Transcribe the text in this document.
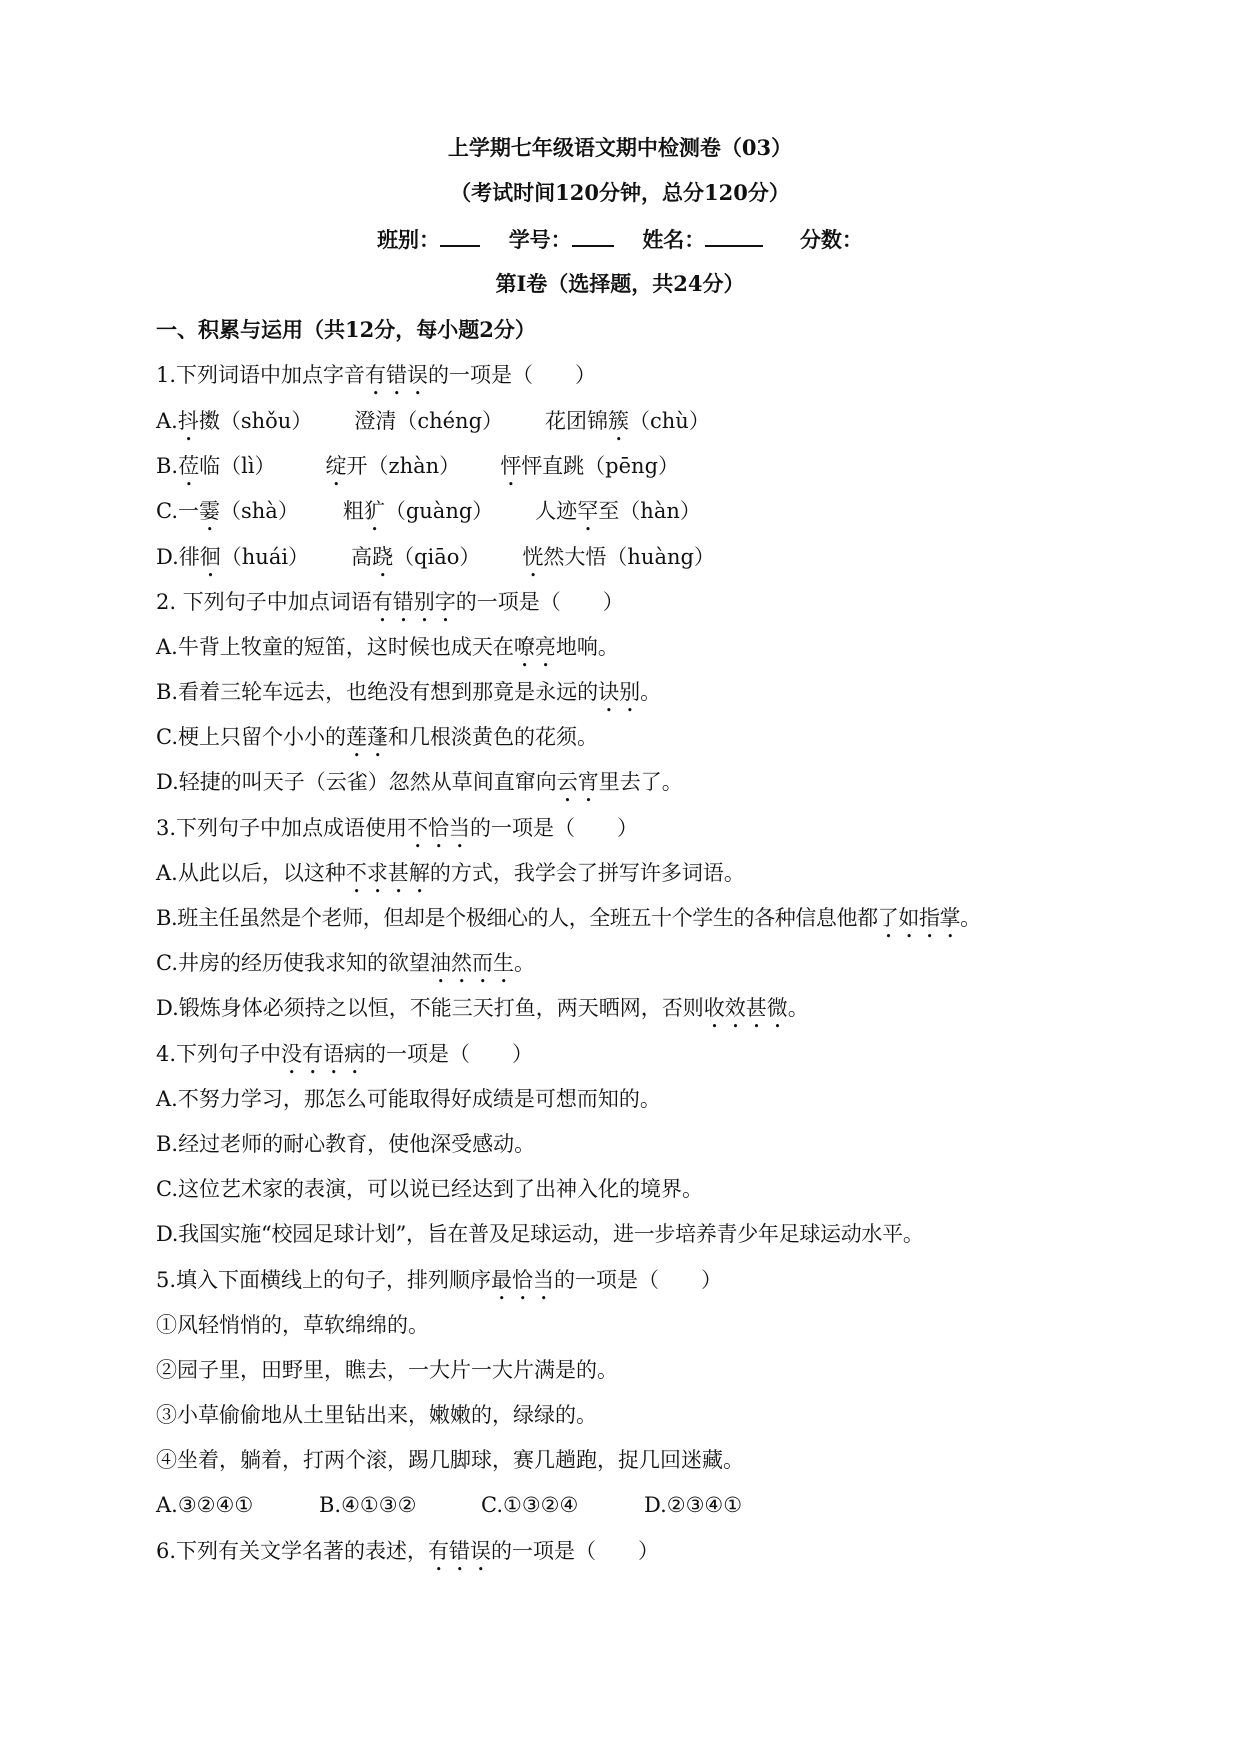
上学期七年级语文期中检测卷（03）
（考试时间120分钟，总分120分）
班别：	学号：	姓名：	分数：
第Ⅰ卷（选择题，共24分）
一、积累与运用（共12分，每小题2分）
1.下列词语中加点字音有错误的一项是（　　）
A.抖擞（shǒu） 澄清（chéng） 花团锦簇（chù）
B.莅临（lì） 绽开（zhàn） 怦怦直跳（pēng）
C.一霎（shà） 粗犷（guàng） 人迹罕至（hàn）
D.徘徊（huái） 高跷（qiāo） 恍然大悟（huàng）
2. 下列句子中加点词语有错别字的一项是（　　）
A.牛背上牧童的短笛，这时候也成天在嘹亮地响。
B.看着三轮车远去，也绝没有想到那竟是永远的诀别。
C.梗上只留个小小的莲蓬和几根淡黄色的花须。
D.轻捷的叫天子（云雀）忽然从草间直窜向云宵里去了。
3.下列句子中加点成语使用不恰当的一项是（　　）
A.从此以后，以这种不求甚解的方式，我学会了拼写许多词语。
B.班主任虽然是个老师，但却是个极细心的人，全班五十个学生的各种信息他都了如指掌。
C.井房的经历使我求知的欲望油然而生。
D.锻炼身体必须持之以恒，不能三天打鱼，两天晒网，否则收效甚微。
4.下列句子中没有语病的一项是（　　）
A.不努力学习，那怎么可能取得好成绩是可想而知的。
B.经过老师的耐心教育，使他深受感动。
C.这位艺术家的表演，可以说已经达到了出神入化的境界。
D.我国实施“校园足球计划”，旨在普及足球运动，进一步培养青少年足球运动水平。
5.填入下面横线上的句子，排列顺序最恰当的一项是（　　）
①风轻悄悄的，草软绵绵的。
②园子里，田野里，瞧去，一大片一大片满是的。
③小草偷偷地从土里钻出来，嫩嫩的，绿绿的。
④坐着，躺着，打两个滚，踢几脚球，赛几趟跑，捉几回迷藏。
A.③②④①	B.④①③②	C.①③②④	D.②③④①
6.下列有关文学名著的表述，有错误的一项是（　　）
